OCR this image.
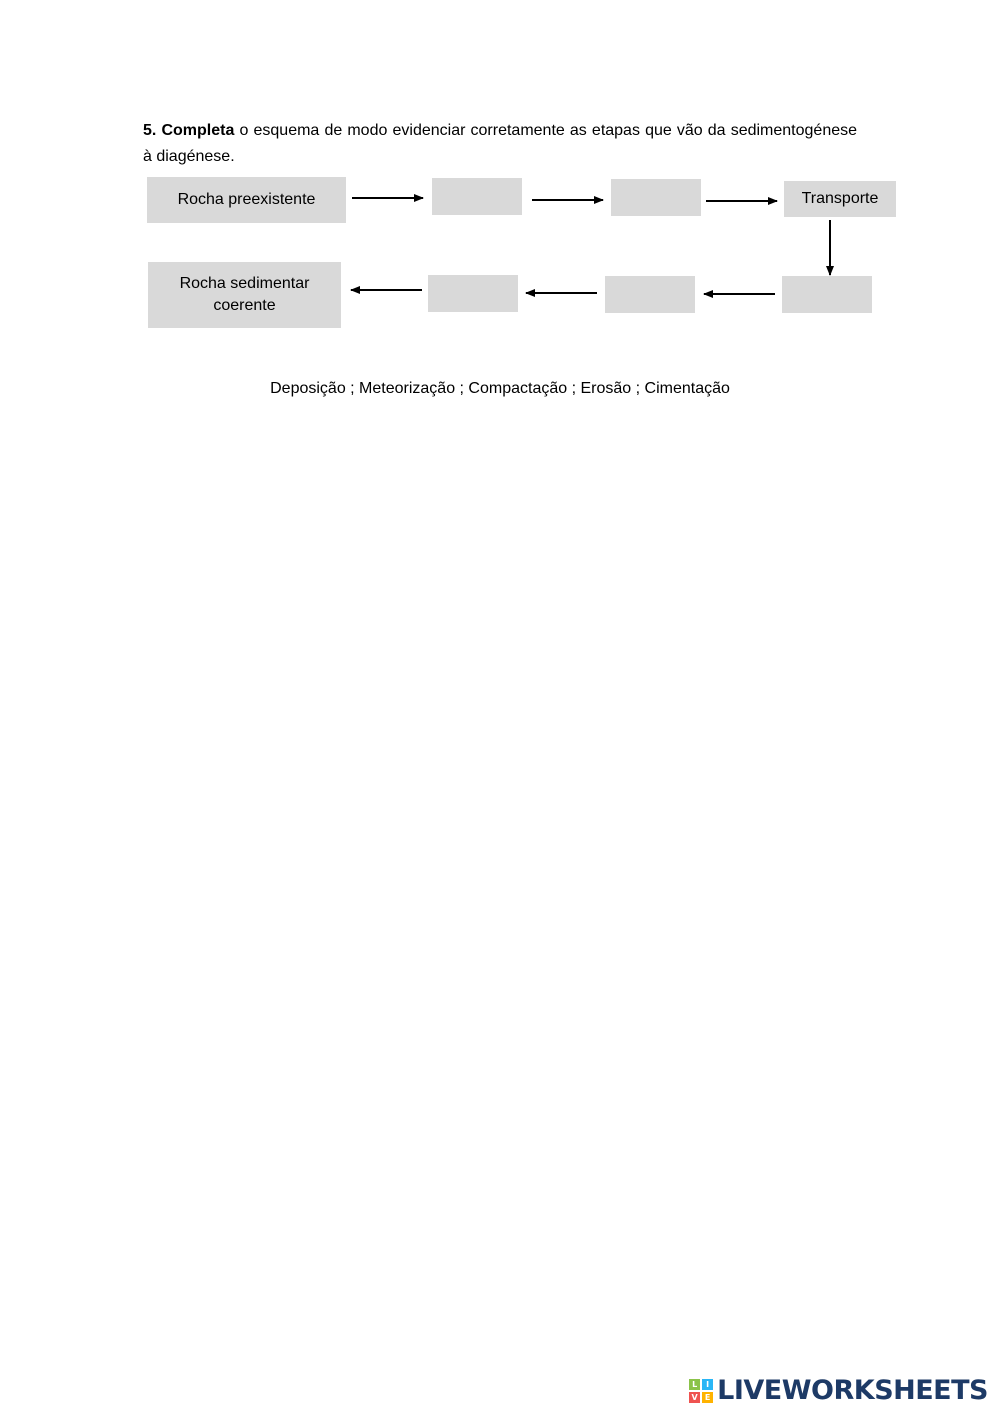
5. Completa o esquema de modo evidenciar corretamente as etapas que vão da sedimentogénese à diagénese.
Rocha preexistente	Transporte
Rocha sedimentar coerente
Deposição ; Meteorização ; Compactação ; Erosão ; Cimentação
L	I
V E LIVEWORKSHEETS
